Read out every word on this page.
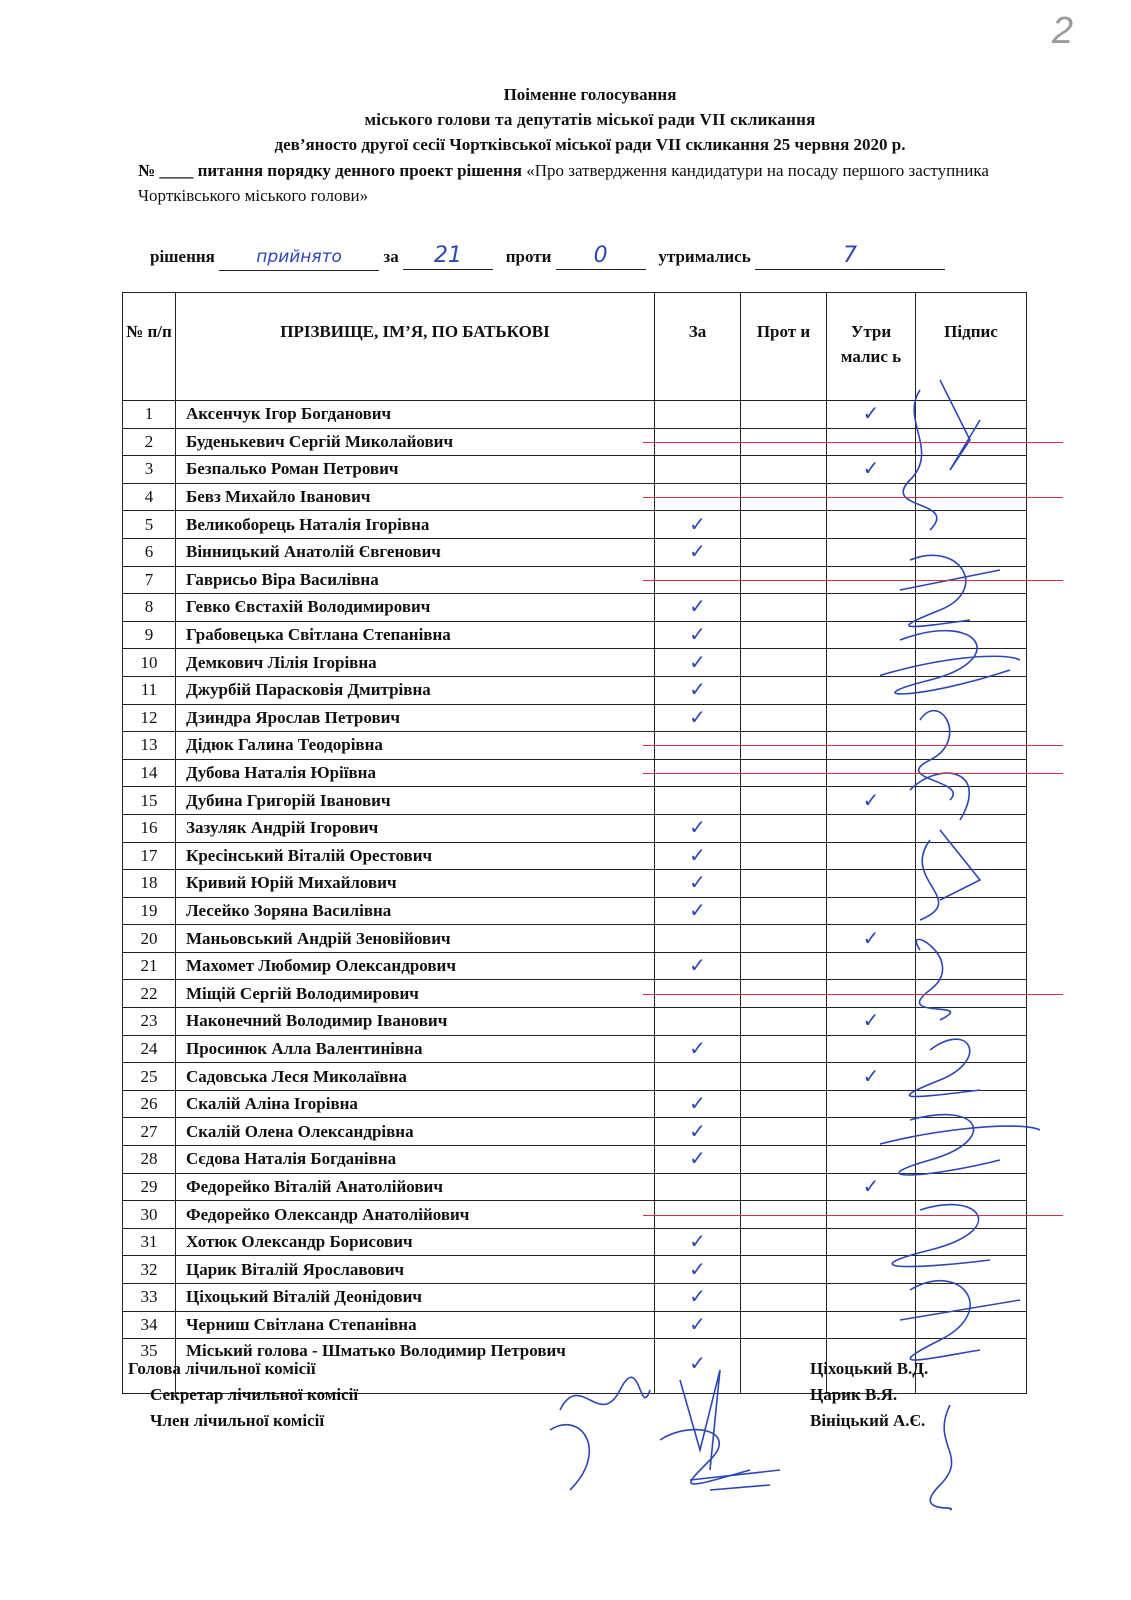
2
Поіменне голосування
міського голови та депутатів міської ради VII скликання
дев’яносто другої сесії Чортківської міської ради VII скликання 25 червня 2020 р.
№ ____ питання порядку денного проект рішення «Про затвердження кандидатури на посаду першого заступника Чортківського міського голови»
рішення прийнято за 21	проти 0	утримались	7
№ п/п	ПРІЗВИЩЕ, ІМ’Я, ПО БАТЬКОВІ	За	Прот и	Утри малис ь	Підпис
1	Аксенчук Ігор Богданович			✓	
2	Буденькевич Сергій Миколайович				
3	Безпалько Роман Петрович			✓	
4	Бевз Михайло Іванович				
5	Великоборець Наталія Ігорівна	✓			
6	Вінницький Анатолій Євгенович	✓			
7	Гаврисьо Віра Василівна				
8	Гевко Євстахій Володимирович	✓			
9	Грабовецька Світлана Степанівна	✓			
10	Демкович Лілія Ігорівна	✓			
11	Джурбій Парасковія Дмитрівна	✓			
12	Дзиндра Ярослав Петрович	✓			
13	Дідюк Галина Теодорівна				
14	Дубова Наталія Юріївна				
15	Дубина Григорій Іванович			✓	
16	Зазуляк Андрій Ігорович	✓			
17	Кресінський Віталій Орестович	✓			
18	Кривий Юрій Михайлович	✓			
19	Лесейко Зоряна Василівна	✓			
20	Маньовський Андрій Зеновійович			✓	
21	Махомет Любомир Олександрович	✓			
22	Міщій Сергій Володимирович				
23	Наконечний Володимир Іванович			✓	
24	Просинюк Алла Валентинівна	✓			
25	Садовська Леся Миколаївна			✓	
26	Скалій Аліна Ігорівна	✓			
27	Скалій Олена Олександрівна	✓			
28	Сєдова Наталія Богданівна	✓			
29	Федорейко Віталій Анатолійович			✓	
30	Федорейко Олександр Анатолійович				
31	Хотюк Олександр Борисович	✓			
32	Царик Віталій Ярославович	✓			
33	Ціхоцький Віталій Деонідович	✓			
34	Черниш Світлана Степанівна	✓			
35	Міський голова - Шматько Володимир Петрович	✓			
Голова лічильної комісії
Секретар лічильної комісії
Член лічильної комісії
Ціхоцький В.Д.
Царик В.Я.
Вініцький А.Є.
